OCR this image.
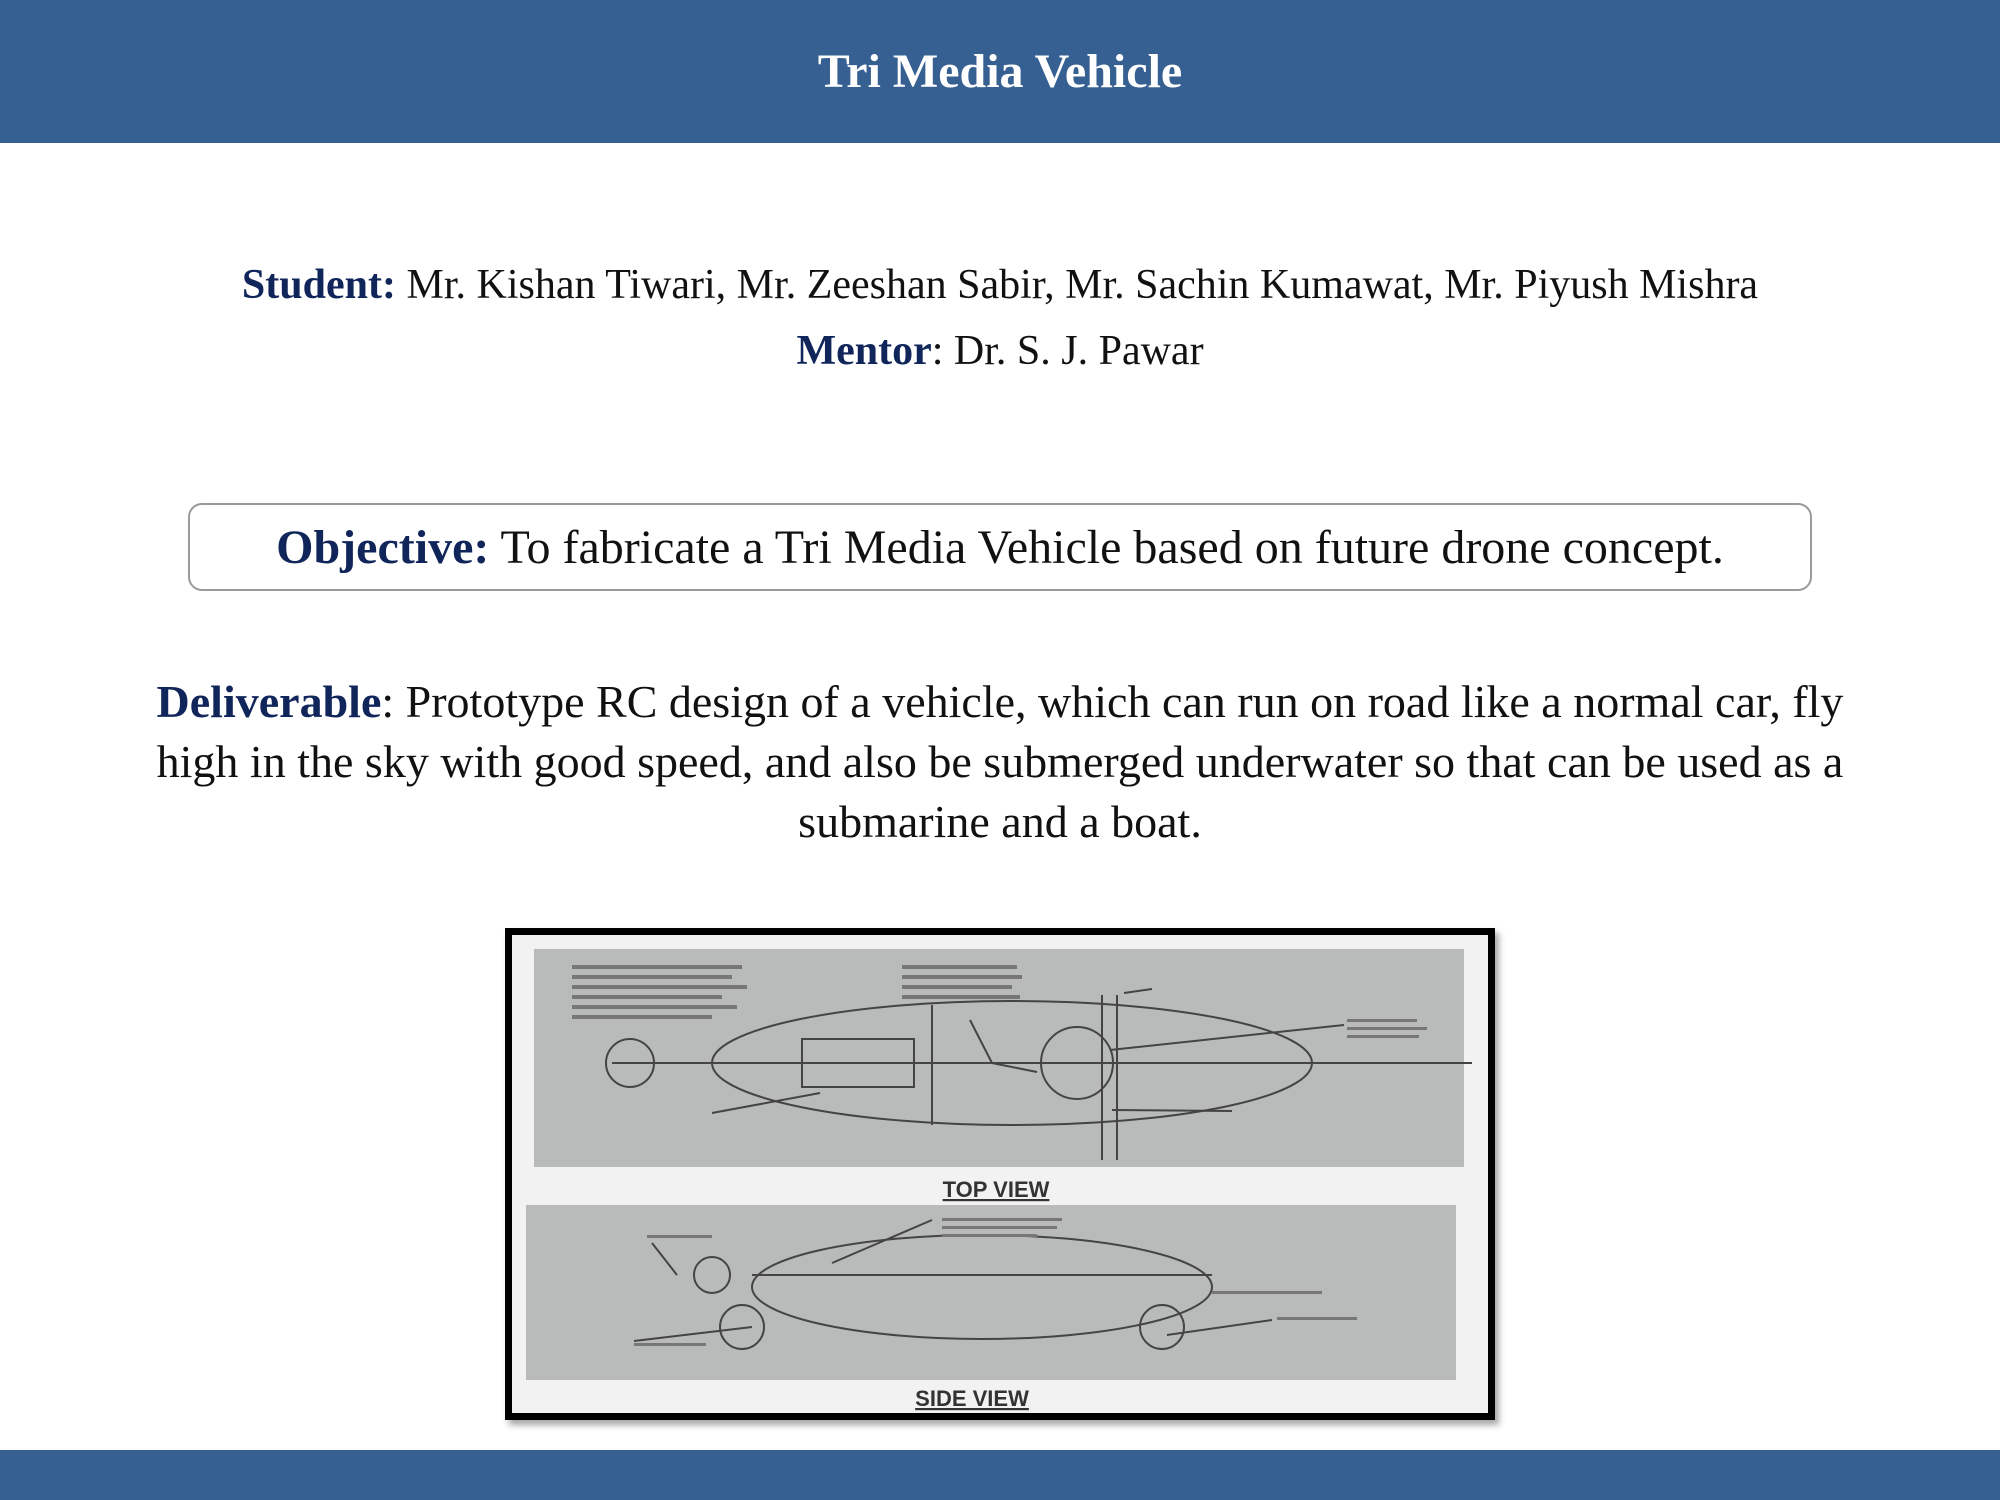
Tri Media Vehicle
Student: Mr. Kishan Tiwari, Mr. Zeeshan Sabir, Mr. Sachin Kumawat, Mr. Piyush Mishra
Mentor: Dr. S. J. Pawar
Objective: To fabricate a Tri Media Vehicle based on future drone concept.
Deliverable: Prototype RC design of a vehicle, which can run on road like a normal car, fly high in the sky with good speed, and also be submerged underwater so that can be used as a submarine and a boat.
TOP VIEW
SIDE VIEW
